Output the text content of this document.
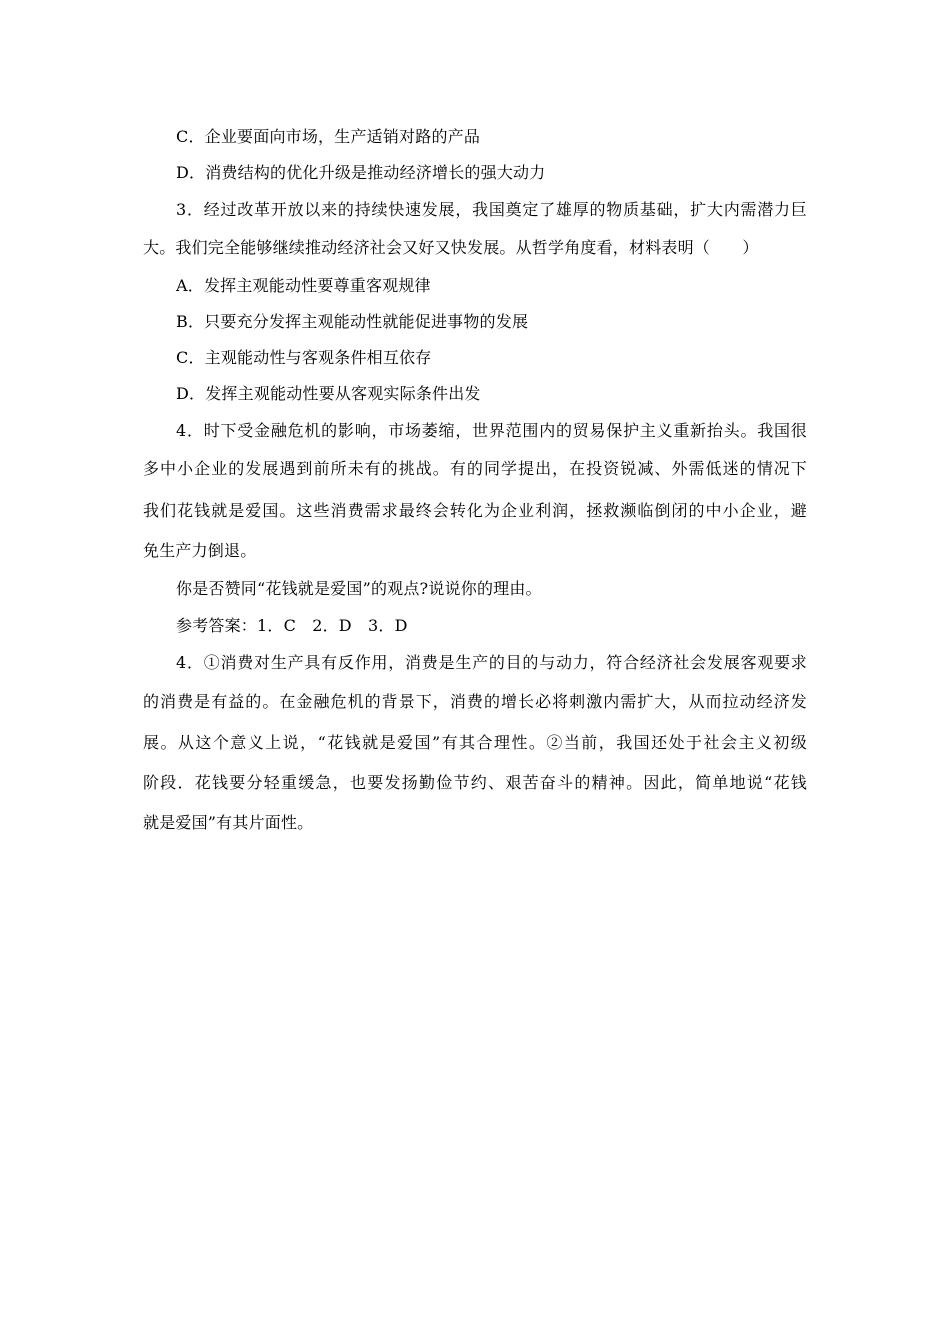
C．企业要面向市场，生产适销对路的产品
D．消费结构的优化升级是推动经济增长的强大动力
3．经过改革开放以来的持续快速发展，我国奠定了雄厚的物质基础，扩大内需潜力巨
大。我们完全能够继续推动经济社会又好又快发展。从哲学角度看，材料表明（　　）
A．发挥主观能动性要尊重客观规律
B．只要充分发挥主观能动性就能促进事物的发展
C．主观能动性与客观条件相互依存
D．发挥主观能动性要从客观实际条件出发
4．时下受金融危机的影响，市场萎缩，世界范围内的贸易保护主义重新抬头。我国很
多中小企业的发展遇到前所未有的挑战。有的同学提出，在投资锐减、外需低迷的情况下
我们花钱就是爱国。这些消费需求最终会转化为企业利润，拯救濒临倒闭的中小企业，避
免生产力倒退。
你是否赞同“花钱就是爱国”的观点?说说你的理由。
参考答案：1．C　2．D　3．D
4．①消费对生产具有反作用，消费是生产的目的与动力，符合经济社会发展客观要求
的消费是有益的。在金融危机的背景下，消费的增长必将刺激内需扩大，从而拉动经济发
展。从这个意义上说，“花钱就是爱国”有其合理性。②当前，我国还处于社会主义初级
阶段．花钱要分轻重缓急，也要发扬勤俭节约、艰苦奋斗的精神。因此，简单地说“花钱
就是爱国”有其片面性。
